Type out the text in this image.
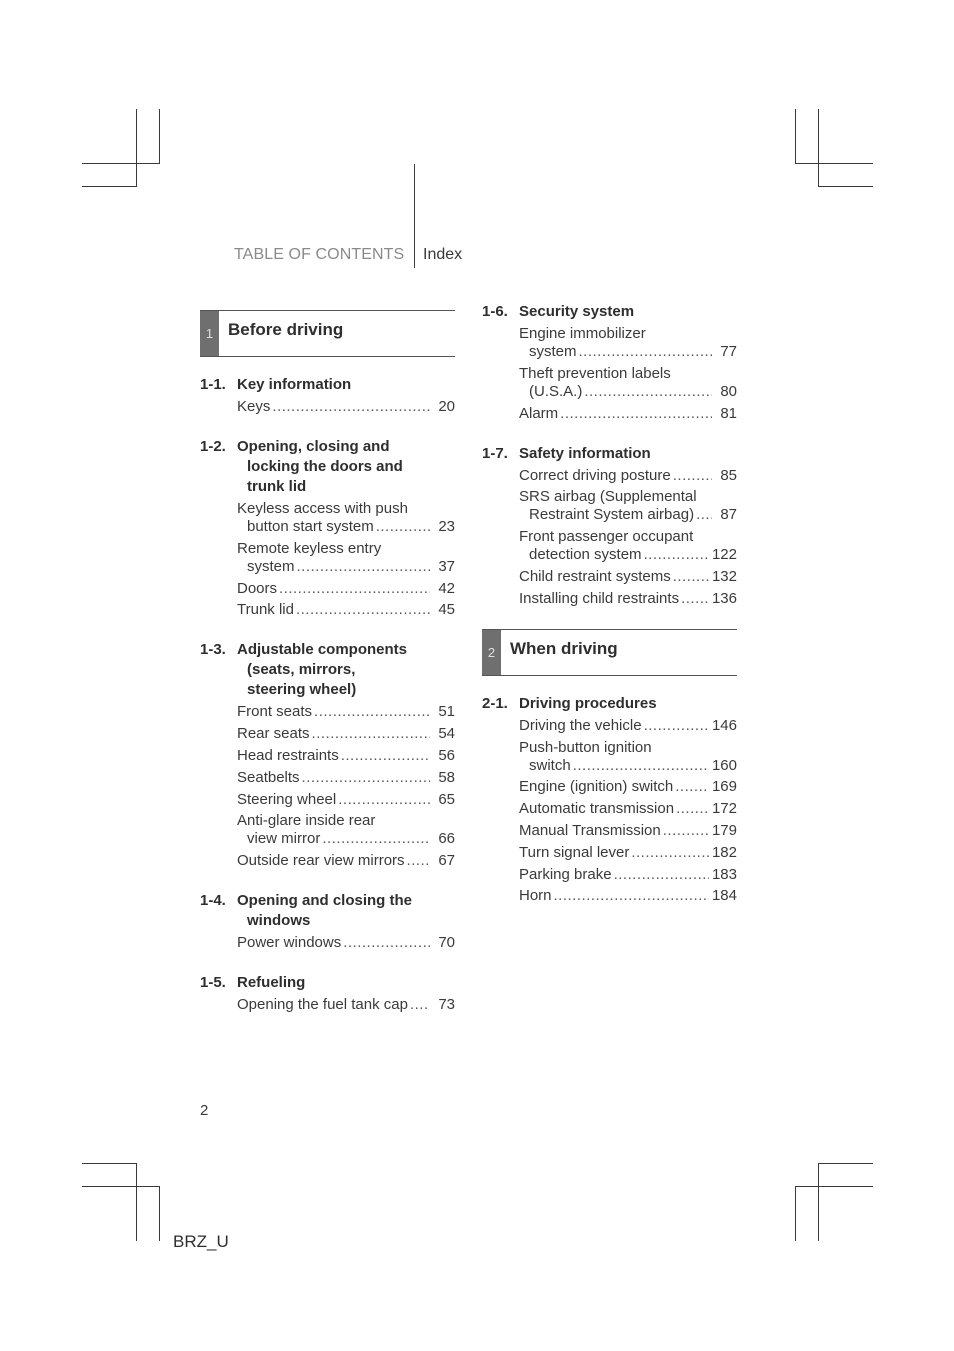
TABLE OF CONTENTS Index
1 Before driving
1-1. Key information
Keys .....	20
1-2. Opening, closing and

locking the doors and
trunk lid
Keyless access with push
button start system .....	23
Remote keyless entry
system .....	37
Doors .....	42
Trunk lid .....	45
1-3. Adjustable components

(seats, mirrors,
steering wheel)
Front seats .....	51
Rear seats .....	54
Head restraints .....	56
Seatbelts .....	58
Steering wheel .....	65
Anti-glare inside rear
view mirror .....	66
Outside rear view mirrors .....	67
1-4. Opening and closing the

windows
Power windows .....	70
1-5. Refueling
Opening the fuel tank cap .....	73
1-6. Security system
Engine immobilizer
system .....	77
Theft prevention labels
(U.S.A.) .....	80
Alarm .....	81
1-7. Safety information
Correct driving posture .....	85
SRS airbag (Supplemental
Restraint System airbag) .....	87
Front passenger occupant
detection system .....	122
Child restraint systems .....	132
Installing child restraints ..... 136
2 When driving
2-1. Driving procedures
Driving the vehicle .....	146
Push-button ignition
switch .....	160
Engine (ignition) switch .....	169
Automatic transmission .....	172
Manual Transmission .....	179
Turn signal lever .....	182
Parking brake .....	183
Horn .....	184
2
BRZ_U
